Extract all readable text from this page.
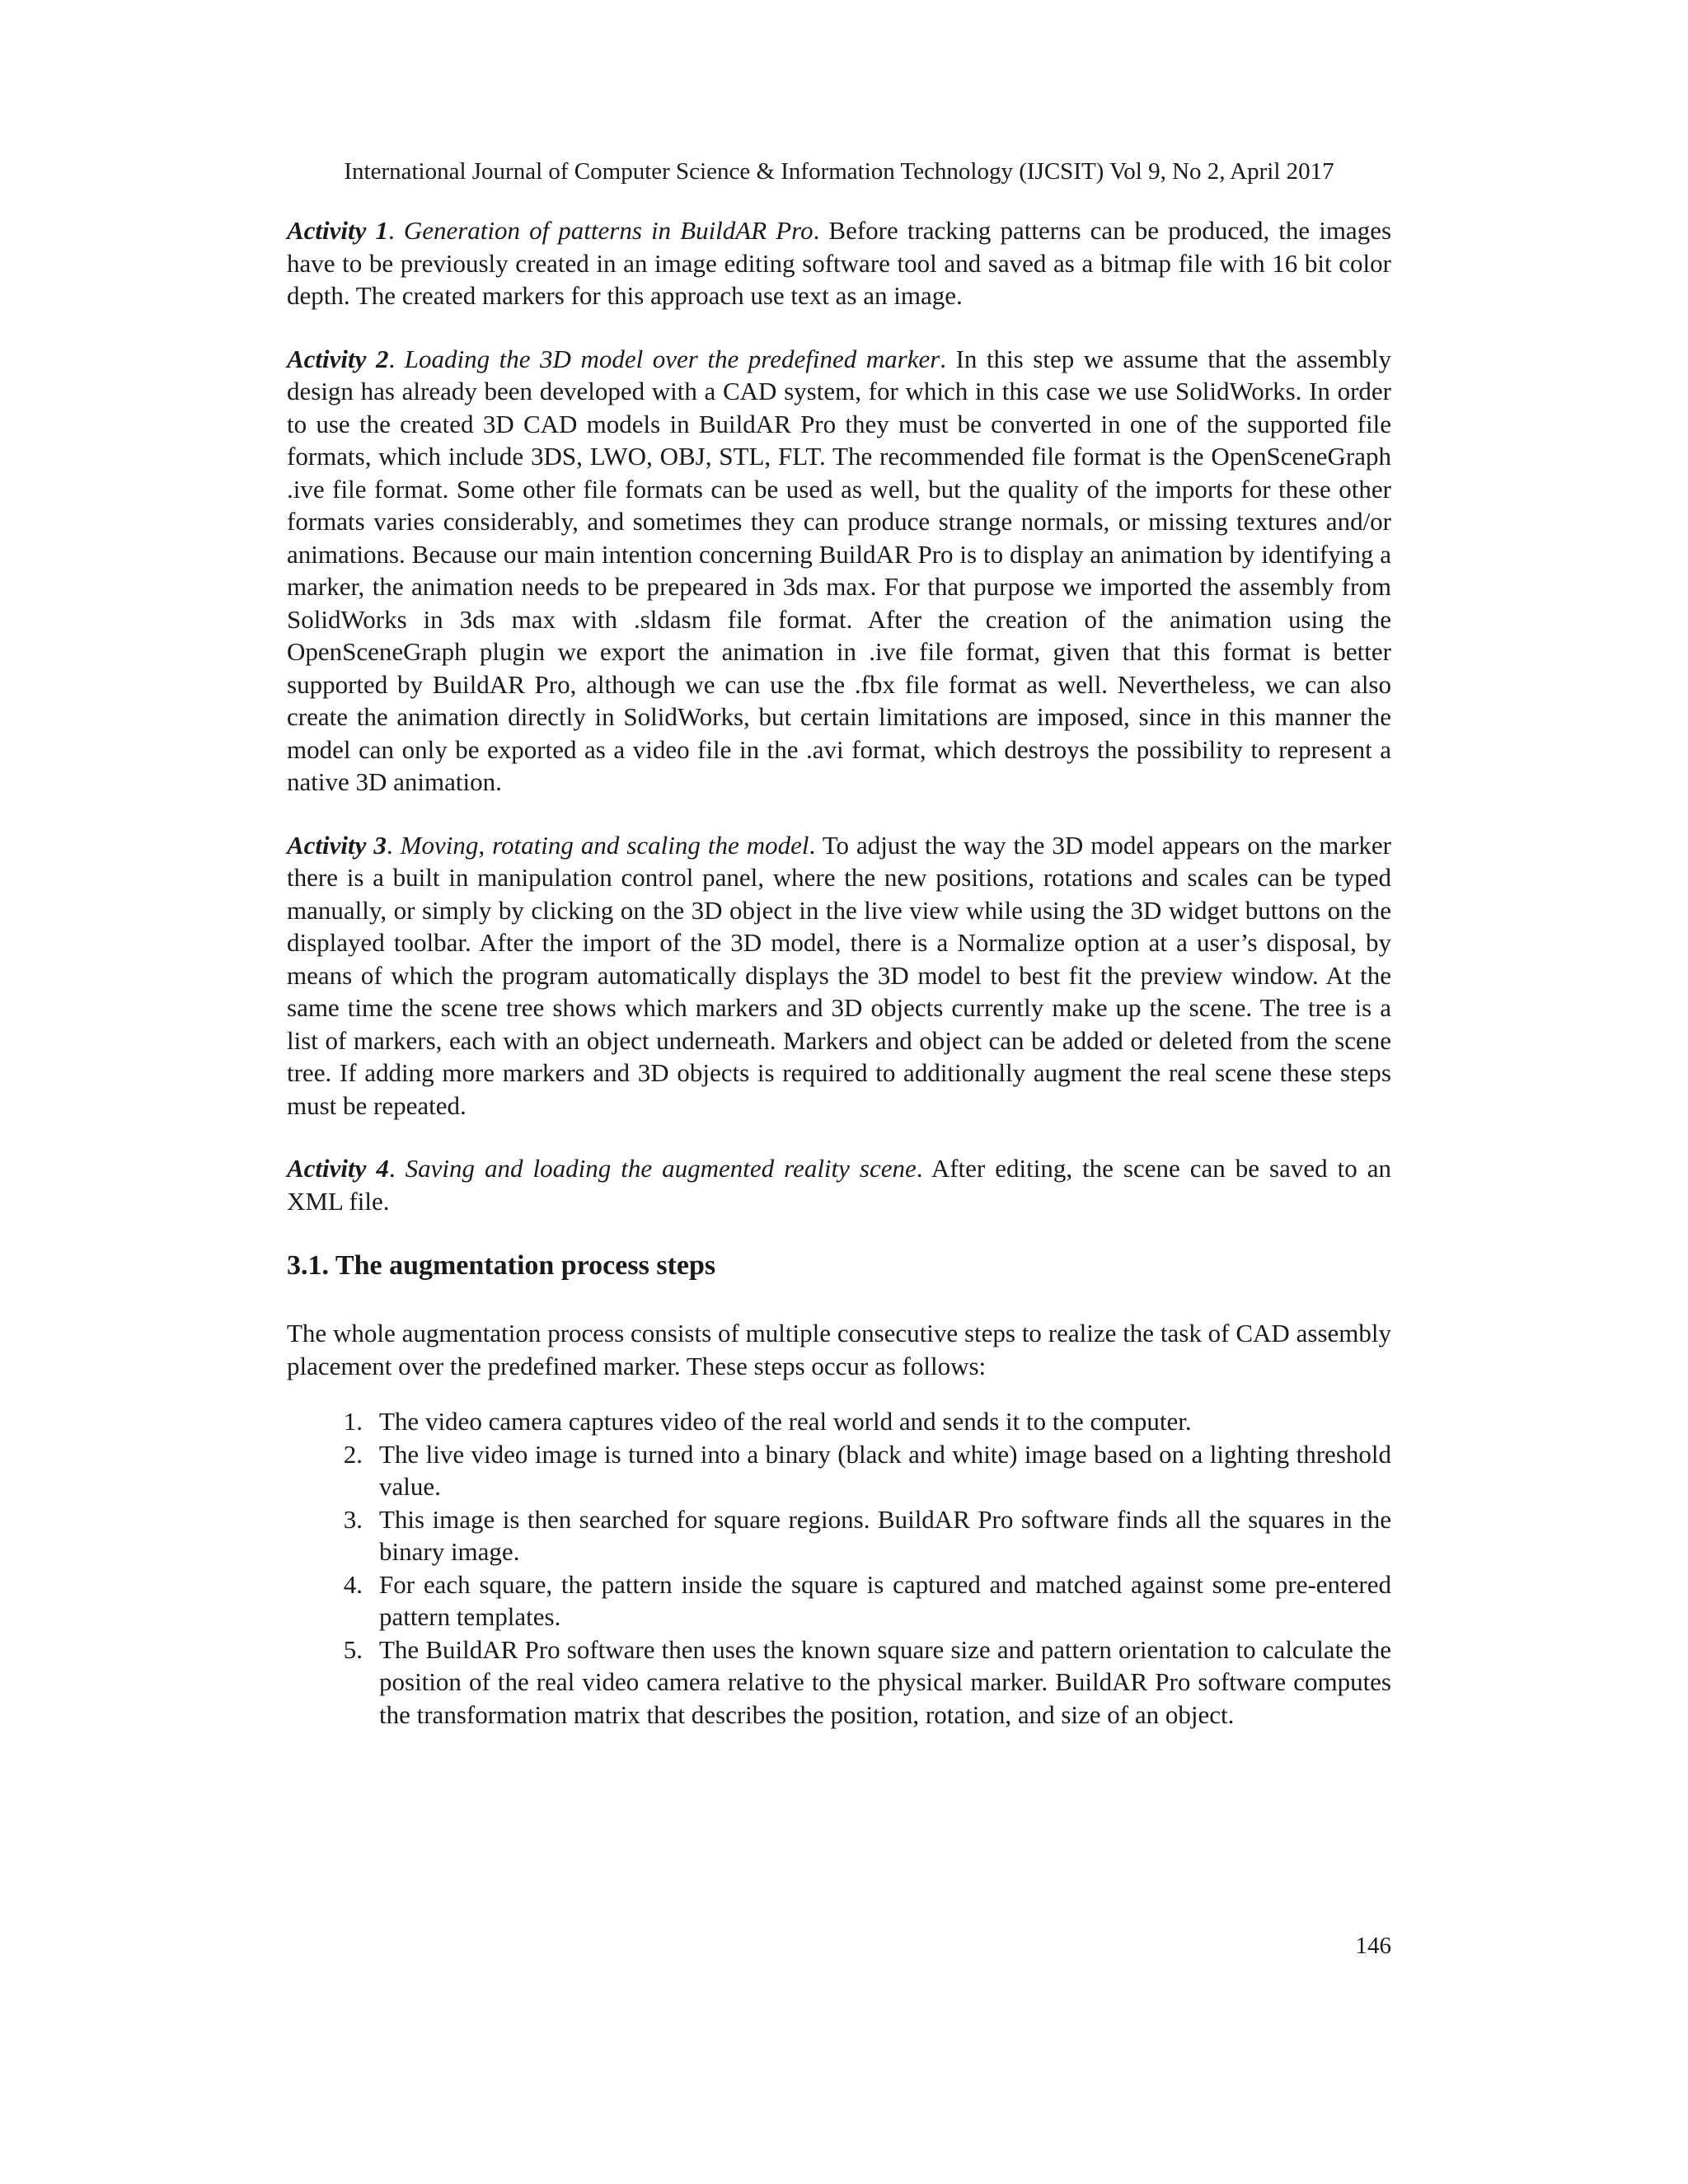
International Journal of Computer Science & Information Technology (IJCSIT) Vol 9, No 2, April 2017

Activity 1. Generation of patterns in BuildAR Pro. Before tracking patterns can be produced, the images have to be previously created in an image editing software tool and saved as a bitmap file with 16 bit color depth. The created markers for this approach use text as an image.

Activity 2. Loading the 3D model over the predefined marker. In this step we assume that the assembly design has already been developed with a CAD system, for which in this case we use SolidWorks. In order to use the created 3D CAD models in BuildAR Pro they must be converted in one of the supported file formats, which include 3DS, LWO, OBJ, STL, FLT. The recommended file format is the OpenSceneGraph .ive file format. Some other file formats can be used as well, but the quality of the imports for these other formats varies considerably, and sometimes they can produce strange normals, or missing textures and/or animations. Because our main intention concerning BuildAR Pro is to display an animation by identifying a marker, the animation needs to be prepeared in 3ds max. For that purpose we imported the assembly from SolidWorks in 3ds max with .sldasm file format. After the creation of the animation using the OpenSceneGraph plugin we export the animation in .ive file format, given that this format is better supported by BuildAR Pro, although we can use the .fbx file format as well. Nevertheless, we can also create the animation directly in SolidWorks, but certain limitations are imposed, since in this manner the model can only be exported as a video file in the .avi format, which destroys the possibility to represent a native 3D animation.

Activity 3. Moving, rotating and scaling the model. To adjust the way the 3D model appears on the marker there is a built in manipulation control panel, where the new positions, rotations and scales can be typed manually, or simply by clicking on the 3D object in the live view while using the 3D widget buttons on the displayed toolbar. After the import of the 3D model, there is a Normalize option at a user’s disposal, by means of which the program automatically displays the 3D model to best fit the preview window. At the same time the scene tree shows which markers and 3D objects currently make up the scene. The tree is a list of markers, each with an object underneath. Markers and object can be added or deleted from the scene tree. If adding more markers and 3D objects is required to additionally augment the real scene these steps must be repeated.

Activity 4. Saving and loading the augmented reality scene. After editing, the scene can be saved to an XML file.

3.1. The augmentation process steps

The whole augmentation process consists of multiple consecutive steps to realize the task of CAD assembly placement over the predefined marker. These steps occur as follows:

1. The video camera captures video of the real world and sends it to the computer.
2. The live video image is turned into a binary (black and white) image based on a lighting threshold value.
3. This image is then searched for square regions. BuildAR Pro software finds all the squares in the binary image.
4. For each square, the pattern inside the square is captured and matched against some pre-entered pattern templates.
5. The BuildAR Pro software then uses the known square size and pattern orientation to calculate the position of the real video camera relative to the physical marker. BuildAR Pro software computes the transformation matrix that describes the position, rotation, and size of an object.
146
